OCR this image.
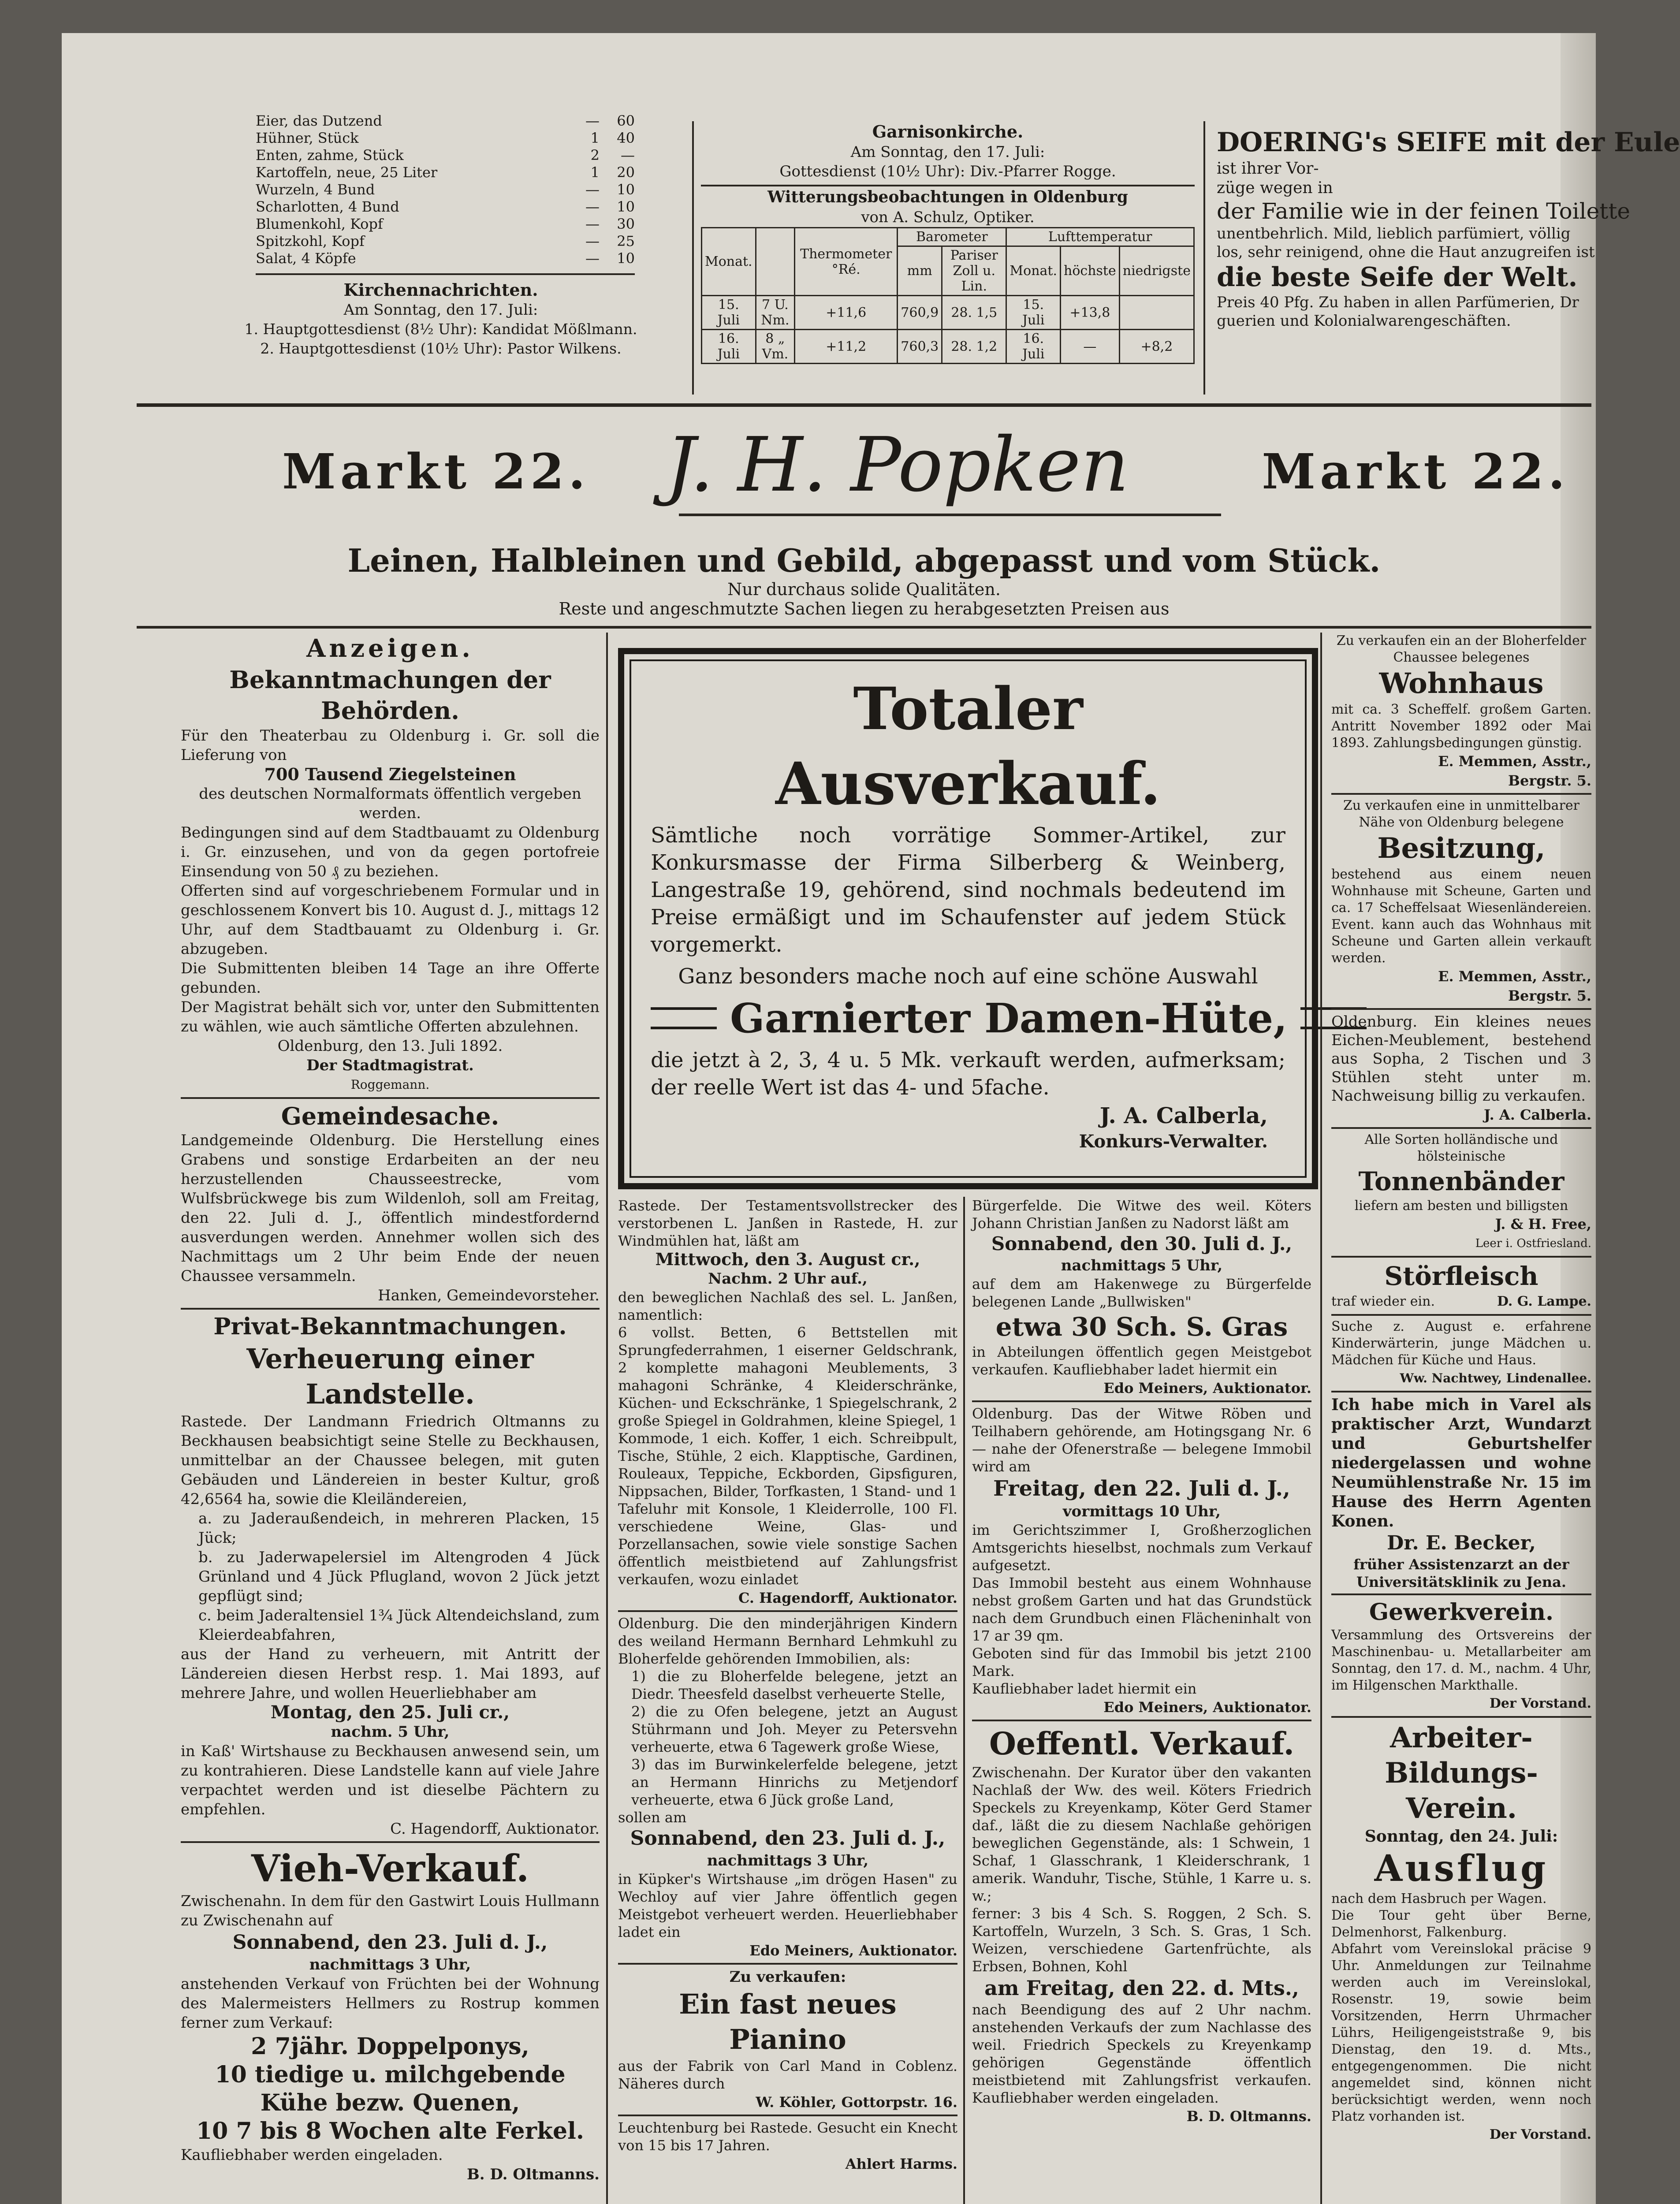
Eier, das Dutzend	—	60
Hühner, Stück	1	40
Enten, zahme, Stück	2	—
Kartoffeln, neue, 25 Liter	1	20
Wurzeln, 4 Bund	—	10
Scharlotten, 4 Bund	—	10
Blumenkohl, Kopf	—	30
Spitzkohl, Kopf	—	25
Salat, 4 Köpfe	—	10

Kirchennachrichten.

Am Sonntag, den 17. Juli:

1. Hauptgottesdienst (8½ Uhr): Kandidat Mößlmann.

2. Hauptgottesdienst (10½ Uhr): Pastor Wilkens.

Garnisonkirche.

Am Sonntag, den 17. Juli:

Gottesdienst (10½ Uhr): Div.-Pfarrer Rogge.

Witterungsbeobachtungen in Oldenburg

von A. Schulz, Optiker.

Monat.		Thermometer °Ré.	Barometer		Lufttemperatur		
			mm	Pariser Zoll u. Lin.	Monat.	höchste	niedrigste
15. Juli	7 U. Nm.	+11,6	760,9	28. 1,5	15. Juli	+13,8	
16. Juli	8 „ Vm.	+11,2	760,3	28. 1,2	16. Juli	—	+8,2

DOERING's SEIFE mit der Eule

ist ihrer Vor-

züge wegen in

der Familie wie in der feinen Toilette

unentbehrlich. Mild, lieblich parfümiert, völlig

los, sehr reinigend, ohne die Haut anzugreifen ist

die beste Seife der Welt.

Preis 40 Pfg. Zu haben in allen Parfümerien, Dr

guerien und Kolonialwarengeschäften.

Markt 22. J. H. Popken	Markt 22.

Leinen, Halbleinen und Gebild, abgepasst und vom Stück.

Nur durchaus solide Qualitäten.

Reste und angeschmutzte Sachen liegen zu herabgesetzten Preisen aus

Anzeigen.

Bekanntmachungen der Behörden.

Für den Theaterbau zu Oldenburg i. Gr. soll die Lieferung von

700 Tausend Ziegelsteinen

des deutschen Normalformats öffentlich vergeben werden.

Bedingungen sind auf dem Stadtbauamt zu Oldenburg i. Gr. einzusehen, und von da gegen portofreie Einsendung von 50 ₰ zu beziehen.

Offerten sind auf vorgeschriebenem Formular und in geschlossenem Konvert bis 10. August d. J., mittags 12 Uhr, auf dem Stadtbauamt zu Oldenburg i. Gr. abzugeben.

Die Submittenten bleiben 14 Tage an ihre Offerte gebunden.

Der Magistrat behält sich vor, unter den Submittenten zu wählen, wie auch sämtliche Offerten abzulehnen.

Oldenburg, den 13. Juli 1892.

Der Stadtmagistrat.

Roggemann.

Gemeindesache.

Landgemeinde Oldenburg. Die Herstellung eines Grabens und sonstige Erdarbeiten an der neu herzustellenden Chausseestrecke, vom Wulfsbrückwege bis zum Wildenloh, soll am Freitag, den 22. Juli d. J., öffentlich mindestfordernd ausverdungen werden. Annehmer wollen sich des Nachmittags um 2 Uhr beim Ende der neuen Chaussee versammeln.

Hanken, Gemeindevorsteher.

Privat-Bekanntmachungen.

Verheuerung einer Landstelle.

Rastede. Der Landmann Friedrich Oltmanns zu Beckhausen beabsichtigt seine Stelle zu Beckhausen, unmittelbar an der Chaussee belegen, mit guten Gebäuden und Ländereien in bester Kultur, groß 42,6564 ha, sowie die Kleiländereien,

a. zu Jaderaußendeich, in mehreren Placken, 15 Jück;

b. zu Jaderwapelersiel im Altengroden 4 Jück Grünland und 4 Jück Pflugland, wovon 2 Jück jetzt gepflügt sind;

c. beim Jaderaltensiel 1¾ Jück Altendeichsland, zum Kleierdeabfahren,

aus der Hand zu verheuern, mit Antritt der Ländereien diesen Herbst resp. 1. Mai 1893, auf mehrere Jahre, und wollen Heuerliebhaber am

Montag, den 25. Juli cr.,

nachm. 5 Uhr,

in Kaß' Wirtshause zu Beckhausen anwesend sein, um zu kontrahieren. Diese Landstelle kann auf viele Jahre verpachtet werden und ist dieselbe Pächtern zu empfehlen.

C. Hagendorff, Auktionator.

Vieh-Verkauf.

Zwischenahn. In dem für den Gastwirt Louis Hullmann zu Zwischenahn auf

Sonnabend, den 23. Juli d. J.,

nachmittags 3 Uhr,

anstehenden Verkauf von Früchten bei der Wohnung des Malermeisters Hellmers zu Rostrup kommen ferner zum Verkauf:

2 7jähr. Doppelponys,

10 tiedige u. milchgebende Kühe bezw. Quenen,

10 7 bis 8 Wochen alte Ferkel.

Kaufliebhaber werden eingeladen.

B. D. Oltmanns.

Totaler Ausverkauf.

Sämtliche noch vorrätige Sommer-Artikel, zur Konkursmasse der Firma Silberberg & Weinberg, Langestraße 19, gehörend, sind nochmals bedeutend im Preise ermäßigt und im Schaufenster auf jedem Stück vorgemerkt.

Ganz besonders mache noch auf eine schöne Auswahl

Garnierter Damen-Hüte,

die jetzt à 2, 3, 4 u. 5 Mk. verkauft werden, aufmerksam; der reelle Wert ist das 4- und 5fache.

J. A. Calberla,

Konkurs-Verwalter.

Rastede. Der Testamentsvollstrecker des verstorbenen L. Janßen in Rastede, H. zur Windmühlen hat, läßt am

Mittwoch, den 3. August cr.,

Nachm. 2 Uhr auf.,

den beweglichen Nachlaß des sel. L. Janßen, namentlich:

6 vollst. Betten, 6 Bettstellen mit Sprungfederrahmen, 1 eiserner Geldschrank, 2 komplette mahagoni Meublements, 3 mahagoni Schränke, 4 Kleiderschränke, Küchen- und Eckschränke, 1 Spiegelschrank, 2 große Spiegel in Goldrahmen, kleine Spiegel, 1 Kommode, 1 eich. Koffer, 1 eich. Schreibpult, Tische, Stühle, 2 eich. Klapptische, Gardinen, Rouleaux, Teppiche, Eckborden, Gipsfiguren, Nippsachen, Bilder, Torfkasten, 1 Stand- und 1 Tafeluhr mit Konsole, 1 Kleiderrolle, 100 Fl. verschiedene Weine, Glas- und Porzellansachen, sowie viele sonstige Sachen öffentlich meistbietend auf Zahlungsfrist verkaufen, wozu einladet

C. Hagendorff, Auktionator.

Oldenburg. Die den minderjährigen Kindern des weiland Hermann Bernhard Lehmkuhl zu Bloherfelde gehörenden Immobilien, als:

1) die zu Bloherfelde belegene, jetzt an Diedr. Theesfeld daselbst verheuerte Stelle,

2) die zu Ofen belegene, jetzt an August Stührmann und Joh. Meyer zu Petersvehn verheuerte, etwa 6 Tagewerk große Wiese,

3) das im Burwinkelerfelde belegene, jetzt an Hermann Hinrichs zu Metjendorf verheuerte, etwa 6 Jück große Land,

sollen am

Sonnabend, den 23. Juli d. J.,

nachmittags 3 Uhr,

in Küpker's Wirtshause „im drögen Hasen" zu Wechloy auf vier Jahre öffentlich gegen Meistgebot verheuert werden. Heuerliebhaber ladet ein

Edo Meiners, Auktionator.

Zu verkaufen:

Ein fast neues Pianino

aus der Fabrik von Carl Mand in Coblenz. Näheres durch

W. Köhler, Gottorpstr. 16.

Leuchtenburg bei Rastede. Gesucht ein Knecht von 15 bis 17 Jahren.

Ahlert Harms.

Bürgerfelde. Die Witwe des weil. Köters Johann Christian Janßen zu Nadorst läßt am

Sonnabend, den 30. Juli d. J.,

nachmittags 5 Uhr,

auf dem am Hakenwege zu Bürgerfelde belegenen Lande „Bullwisken"

etwa 30 Sch. S. Gras

in Abteilungen öffentlich gegen Meistgebot verkaufen. Kaufliebhaber ladet hiermit ein

Edo Meiners, Auktionator.

Oldenburg. Das der Witwe Röben und Teilhabern gehörende, am Hotingsgang Nr. 6 — nahe der Ofenerstraße — belegene Immobil wird am

Freitag, den 22. Juli d. J.,

vormittags 10 Uhr,

im Gerichtszimmer I, Großherzoglichen Amtsgerichts hieselbst, nochmals zum Verkauf aufgesetzt.

Das Immobil besteht aus einem Wohnhause nebst großem Garten und hat das Grundstück nach dem Grundbuch einen Flächeninhalt von 17 ar 39 qm.

Geboten sind für das Immobil bis jetzt 2100 Mark.

Kaufliebhaber ladet hiermit ein

Edo Meiners, Auktionator.

Oeffentl. Verkauf.

Zwischenahn. Der Kurator über den vakanten Nachlaß der Ww. des weil. Köters Friedrich Speckels zu Kreyenkamp, Köter Gerd Stamer daf., läßt die zu diesem Nachlaße gehörigen beweglichen Gegenstände, als: 1 Schwein, 1 Schaf, 1 Glasschrank, 1 Kleiderschrank, 1 amerik. Wanduhr, Tische, Stühle, 1 Karre u. s. w.;

ferner: 3 bis 4 Sch. S. Roggen, 2 Sch. S. Kartoffeln, Wurzeln, 3 Sch. S. Gras, 1 Sch. Weizen, verschiedene Gartenfrüchte, als Erbsen, Bohnen, Kohl

am Freitag, den 22. d. Mts.,

nach Beendigung des auf 2 Uhr nachm. anstehenden Verkaufs der zum Nachlasse des weil. Friedrich Speckels zu Kreyenkamp gehörigen Gegenstände öffentlich meistbietend mit Zahlungsfrist verkaufen. Kaufliebhaber werden eingeladen.

B. D. Oltmanns.

Zu verkaufen ein an der Bloherfelder Chaussee belegenes

Wohnhaus

mit ca. 3 Scheffelf. großem Garten. Antritt November 1892 oder Mai 1893. Zahlungsbedingungen günstig.

E. Memmen, Asstr.,

Bergstr. 5.

Zu verkaufen eine in unmittelbarer Nähe von Oldenburg belegene

Besitzung,

bestehend aus einem neuen Wohnhause mit Scheune, Garten und ca. 17 Scheffelsaat Wiesenländereien. Event. kann auch das Wohnhaus mit Scheune und Garten allein verkauft werden.

E. Memmen, Asstr.,

Bergstr. 5.

Oldenburg. Ein kleines neues Eichen-Meublement, bestehend aus Sopha, 2 Tischen und 3 Stühlen steht unter m. Nachweisung billig zu verkaufen.

J. A. Calberla.

Alle Sorten holländische und hölsteinische

Tonnenbänder

liefern am besten und billigsten

J. & H. Free,

Leer i. Ostfriesland.

Störfleisch

traf wieder ein.	D. G. Lampe.

Suche z. August e. erfahrene Kinderwärterin, junge Mädchen u. Mädchen für Küche und Haus.

Ww. Nachtwey, Lindenallee.

Ich habe mich in Varel als praktischer Arzt, Wundarzt und Geburtshelfer niedergelassen und wohne Neumühlenstraße Nr. 15 im Hause des Herrn Agenten Konen.

Dr. E. Becker,

früher Assistenzarzt an der Universitätsklinik zu Jena.

Gewerkverein.

Versammlung des Ortsvereins der Maschinenbau- u. Metallarbeiter am Sonntag, den 17. d. M., nachm. 4 Uhr, im Hilgenschen Markthalle.

Der Vorstand.

Arbeiter-Bildungs-Verein.

Sonntag, den 24. Juli:

Ausflug

nach dem Hasbruch per Wagen.

Die Tour geht über Berne, Delmenhorst, Falkenburg.

Abfahrt vom Vereinslokal präcise 9 Uhr. Anmeldungen zur Teilnahme werden auch im Vereinslokal, Rosenstr. 19, sowie beim Vorsitzenden, Herrn Uhrmacher Lührs, Heiligengeiststraße 9, bis Dienstag, den 19. d. Mts., entgegengenommen. Die nicht angemeldet sind, können nicht berücksichtigt werden, wenn noch Platz vorhanden ist.

Der Vorstand.
